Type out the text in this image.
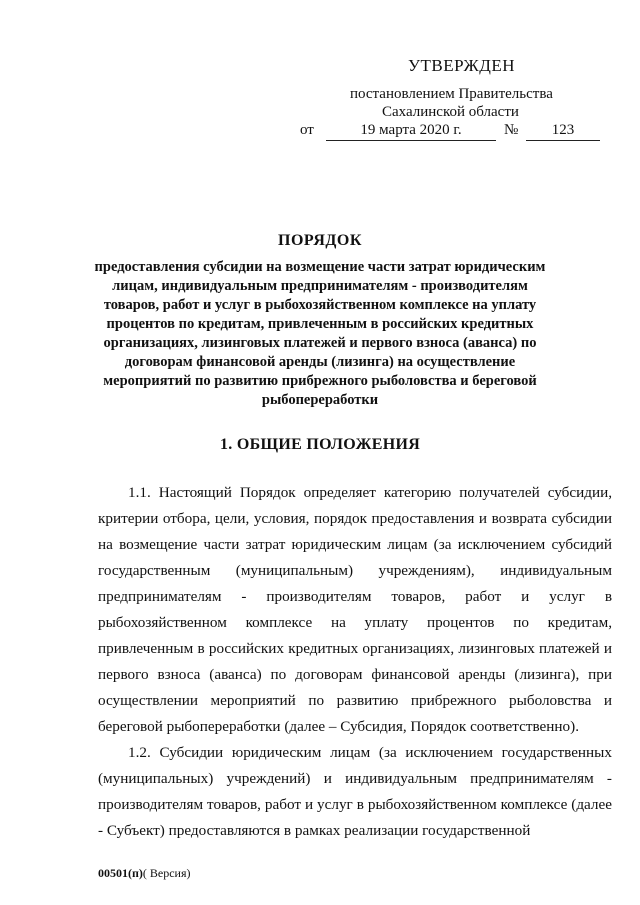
УТВЕРЖДЕН
постановлением Правительства
Сахалинской области
от	19 марта 2020 г.	№	123
ПОРЯДОК
предоставления субсидии на возмещение части затрат юридическим лицам, индивидуальным предпринимателям - производителям товаров, работ и услуг в рыбохозяйственном комплексе на уплату процентов по кредитам, привлеченным в российских кредитных организациях, лизинговых платежей и первого взноса (аванса) по договорам финансовой аренды (лизинга) на осуществление мероприятий по развитию прибрежного рыболовства и береговой рыбопереработки
1. ОБЩИЕ ПОЛОЖЕНИЯ

1.1. Настоящий Порядок определяет категорию получателей субсидии, критерии отбора, цели, условия, порядок предоставления и возврата субсидии на возмещение части затрат юридическим лицам (за исключением субсидий государственным (муниципальным) учреждениям), индивидуальным предпринимателям - производителям товаров, работ и услуг в рыбохозяйственном комплексе на уплату процентов по кредитам, привлеченным в российских кредитных организациях, лизинговых платежей и первого взноса (аванса) по договорам финансовой аренды (лизинга), при осуществлении мероприятий по развитию прибрежного рыболовства и береговой рыбопереработки (далее – Субсидия, Порядок соответственно).

1.2. Субсидии юридическим лицам (за исключением государственных (муниципальных) учреждений) и индивидуальным предпринимателям - производителям товаров, работ и услуг в рыбохозяйственном комплексе (далее - Субъект) предоставляются в рамках реализации государственной

00501(п)( Версия)
